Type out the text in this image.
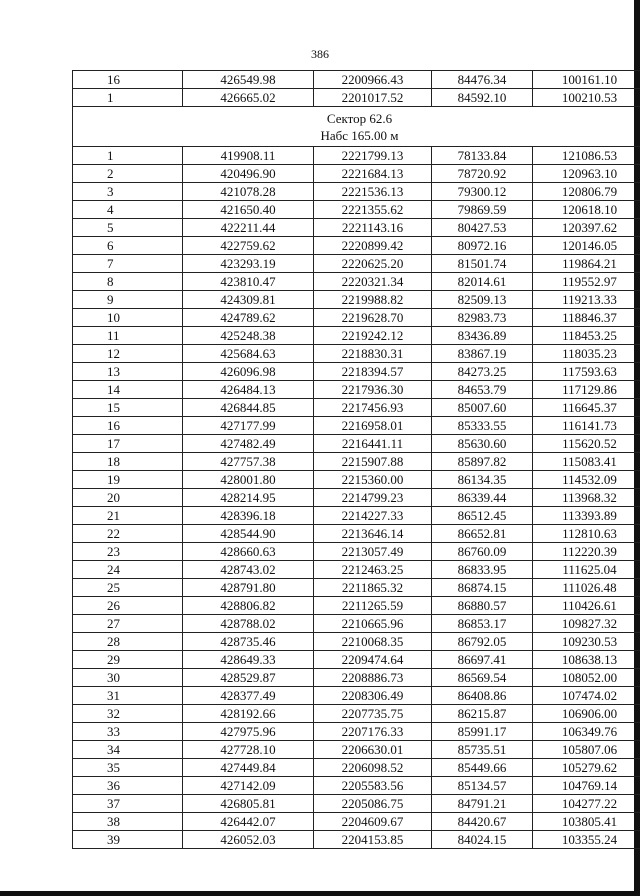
386
16	426549.98	2200966.43	84476.34	100161.10
1	426665.02	2201017.52	84592.10	100210.53

Сектор 62.6
Набс 165.00 м				

1	419908.11	2221799.13	78133.84	121086.53
2	420496.90	2221684.13	78720.92	120963.10
3	421078.28	2221536.13	79300.12	120806.79
4	421650.40	2221355.62	79869.59	120618.10
5	422211.44	2221143.16	80427.53	120397.62
6	422759.62	2220899.42	80972.16	120146.05
7	423293.19	2220625.20	81501.74	119864.21
8	423810.47	2220321.34	82014.61	119552.97
9	424309.81	2219988.82	82509.13	119213.33
10	424789.62	2219628.70	82983.73	118846.37
11	425248.38	2219242.12	83436.89	118453.25
12	425684.63	2218830.31	83867.19	118035.23
13	426096.98	2218394.57	84273.25	117593.63
14	426484.13	2217936.30	84653.79	117129.86
15	426844.85	2217456.93	85007.60	116645.37
16	427177.99	2216958.01	85333.55	116141.73
17	427482.49	2216441.11	85630.60	115620.52
18	427757.38	2215907.88	85897.82	115083.41
19	428001.80	2215360.00	86134.35	114532.09
20	428214.95	2214799.23	86339.44	113968.32
21	428396.18	2214227.33	86512.45	113393.89
22	428544.90	2213646.14	86652.81	112810.63
23	428660.63	2213057.49	86760.09	112220.39
24	428743.02	2212463.25	86833.95	111625.04
25	428791.80	2211865.32	86874.15	111026.48
26	428806.82	2211265.59	86880.57	110426.61
27	428788.02	2210665.96	86853.17	109827.32
28	428735.46	2210068.35	86792.05	109230.53
29	428649.33	2209474.64	86697.41	108638.13
30	428529.87	2208886.73	86569.54	108052.00
31	428377.49	2208306.49	86408.86	107474.02
32	428192.66	2207735.75	86215.87	106906.00
33	427975.96	2207176.33	85991.17	106349.76
34	427728.10	2206630.01	85735.51	105807.06
35	427449.84	2206098.52	85449.66	105279.62
36	427142.09	2205583.56	85134.57	104769.14
37	426805.81	2205086.75	84791.21	104277.22
38	426442.07	2204609.67	84420.67	103805.41
39	426052.03	2204153.85	84024.15	103355.24
